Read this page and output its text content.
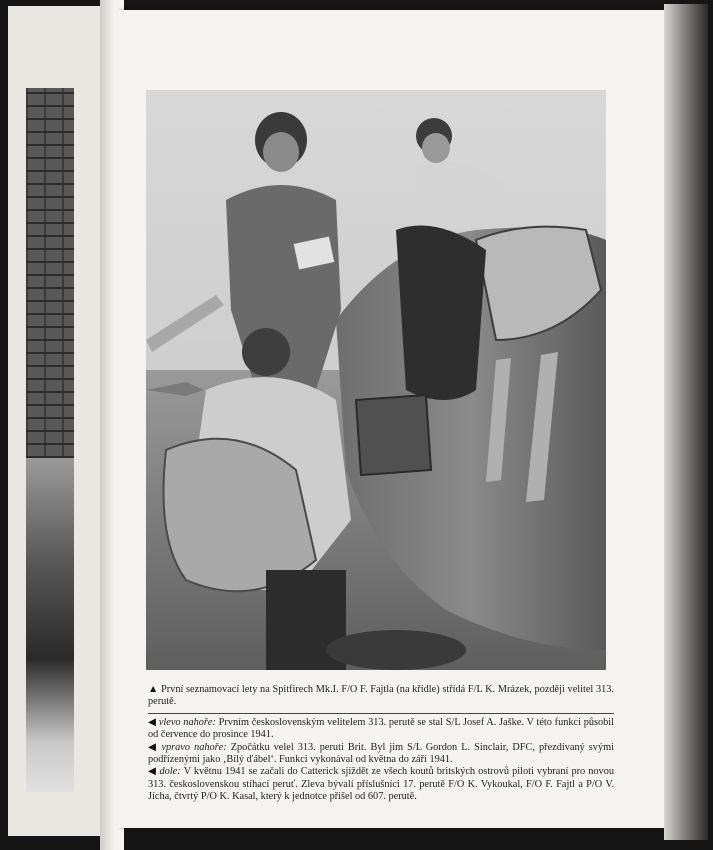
▲ První seznamovací lety na Spitfirech Mk.I. F/O F. Fajtla (na křídle) střídá F/L K. Mrázek, později velitel 313. perutě.

◀ vlevo nahoře: Prvním československým velitelem 313. perutě se stal S/L Josef A. Jaške. V této funkci působil od července do prosince 1941.

◀ vpravo nahoře: Zpočátku velel 313. peruti Brit. Byl jim S/L Gordon L. Sinclair, DFC, přezdívaný svými podřízenými jako ‚Bílý ďábel‘. Funkci vykonával od května do září 1941.

◀ dole: V květnu 1941 se začali do Catterick sjíždět ze všech koutů britských ostrovů piloti vybraní pro novou 313. československou stíhací peruť. Zleva bývalí příslušníci 17. perutě F/O K. Vykoukal, F/O F. Fajtl a P/O V. Jícha, čtvrtý P/O K. Kasal, který k jednotce přišel od 607. perutě.
